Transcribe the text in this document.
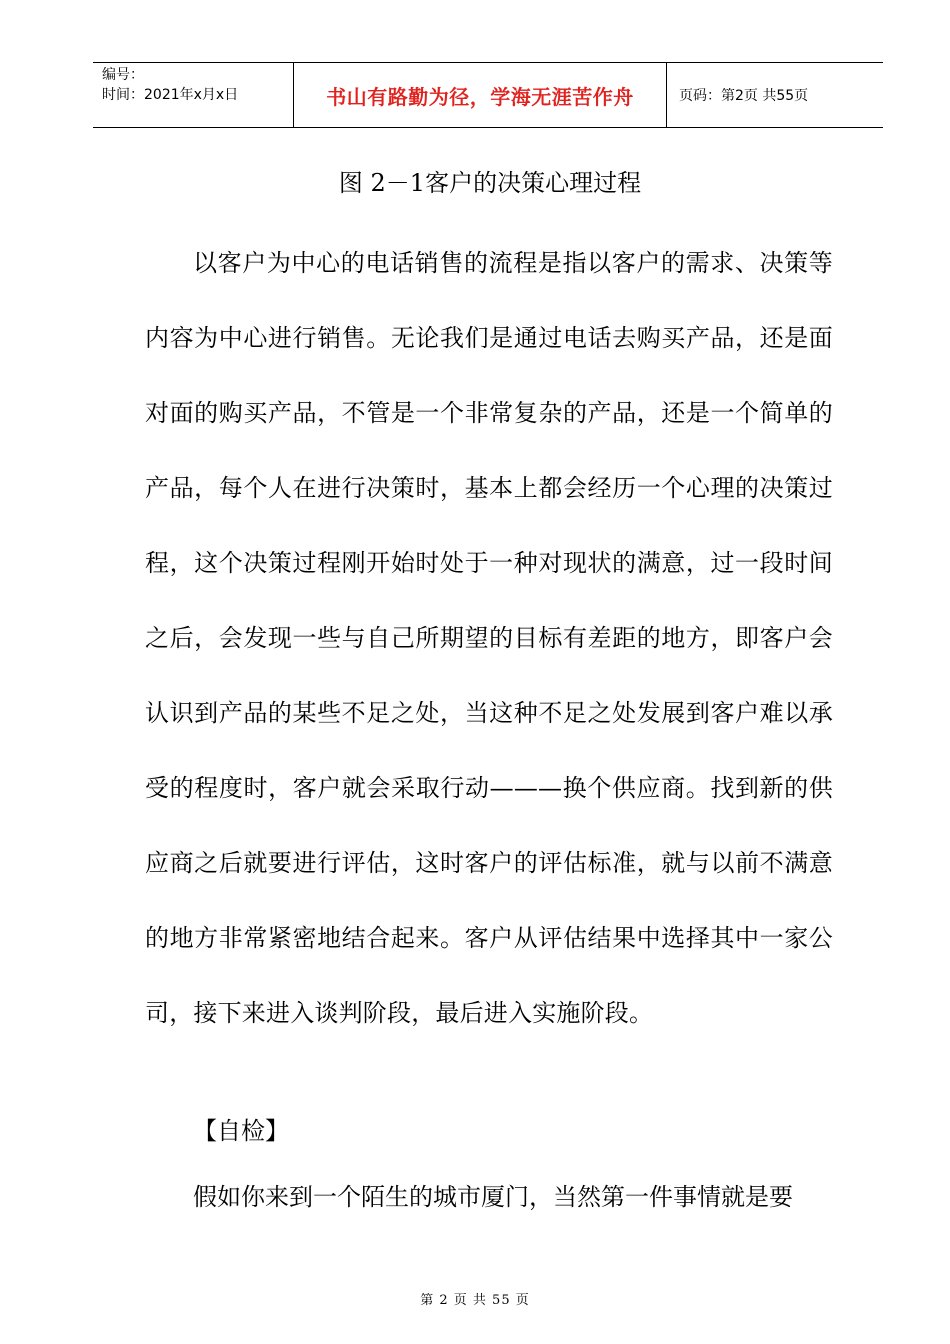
编号：
时间：2021年x月x日	书山有路勤为径，学海无涯苦作舟	页码：第2页 共55页
图 2－1客户的决策心理过程

以客户为中心的电话销售的流程是指以客户的需求、决策等内容为中心进行销售。无论我们是通过电话去购买产品，还是面对面的购买产品，不管是一个非常复杂的产品，还是一个简单的产品，每个人在进行决策时，基本上都会经历一个心理的决策过程，这个决策过程刚开始时处于一种对现状的满意，过一段时间之后，会发现一些与自己所期望的目标有差距的地方，即客户会认识到产品的某些不足之处，当这种不足之处发展到客户难以承受的程度时，客户就会采取行动———换个供应商。找到新的供应商之后就要进行评估，这时客户的评估标准，就与以前不满意的地方非常紧密地结合起来。客户从评估结果中选择其中一家公司，接下来进入谈判阶段，最后进入实施阶段。

【自检】
假如你来到一个陌生的城市厦门，当然第一件事情就是要
第 2 页 共 55 页
